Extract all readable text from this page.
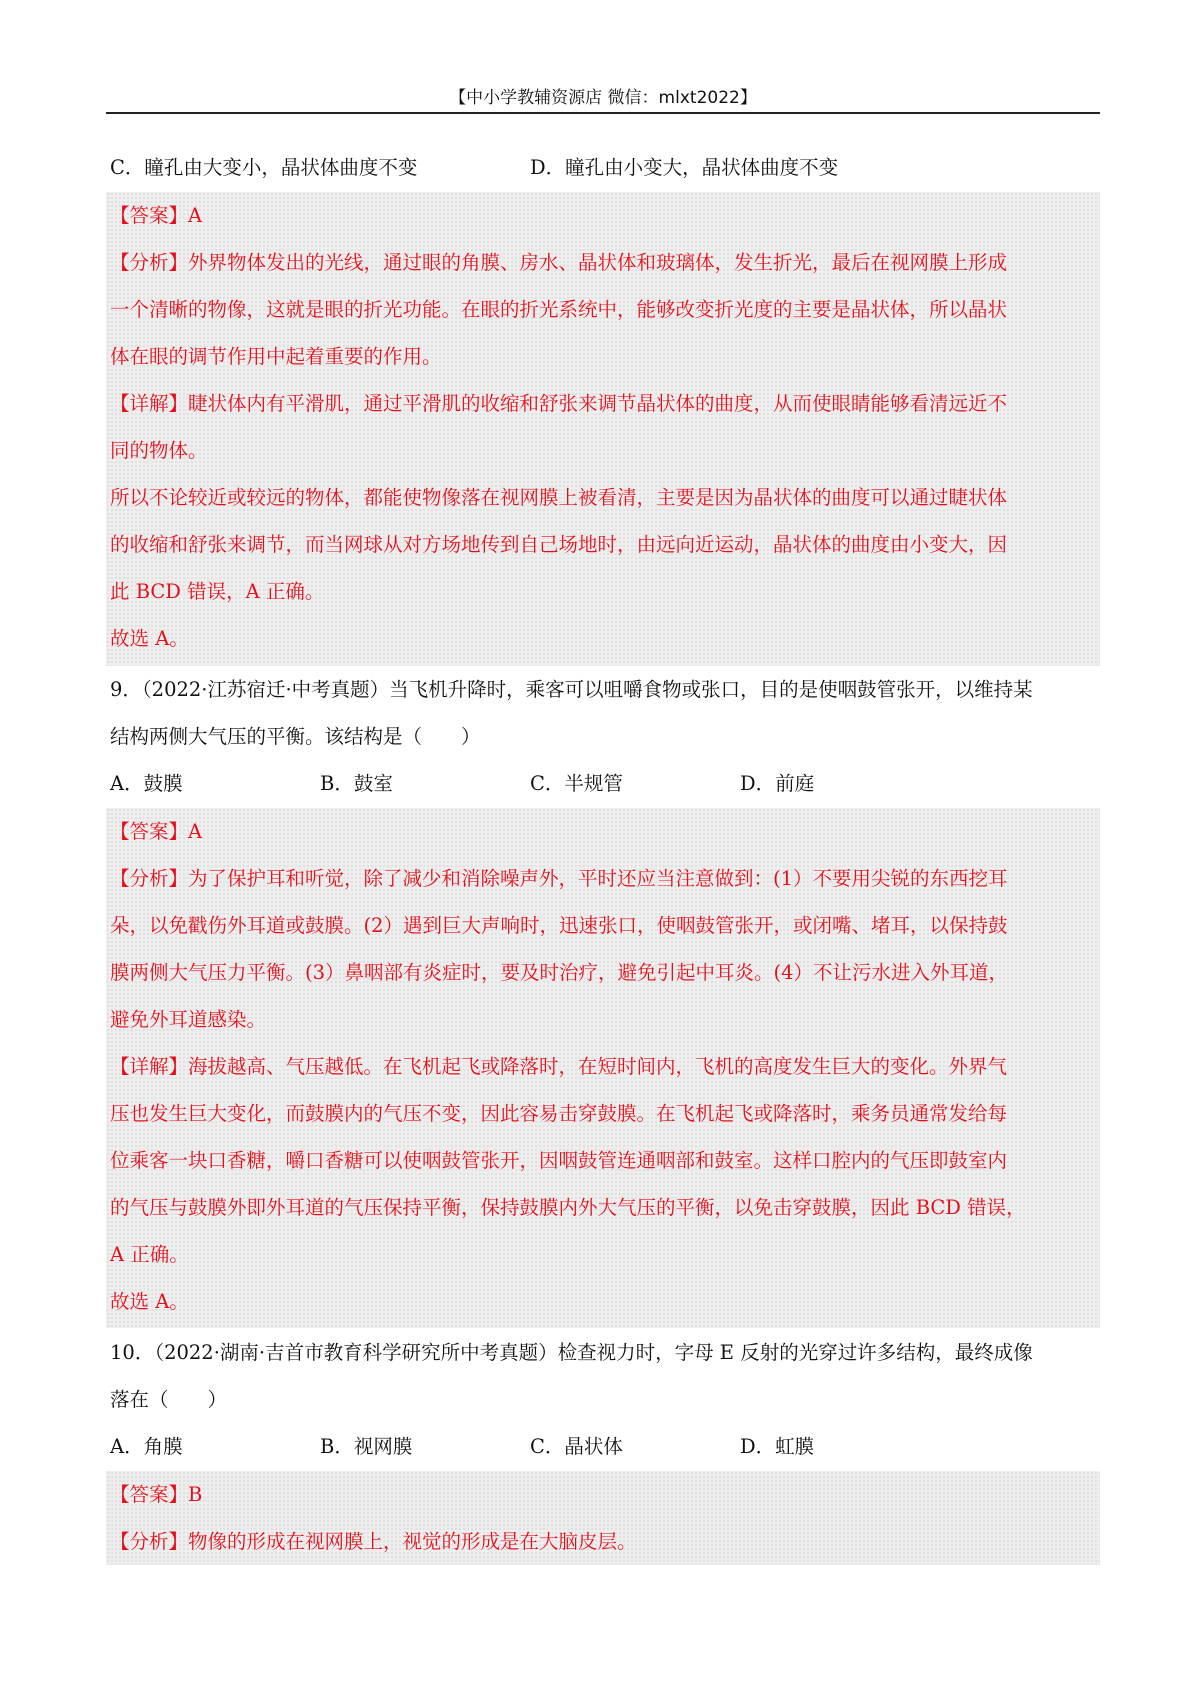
【中小学教辅资源店 微信：mlxt2022】
C．瞳孔由大变小，晶状体曲度不变	D．瞳孔由小变大，晶状体曲度不变
【答案】A
【分析】外界物体发出的光线，通过眼的角膜、房水、晶状体和玻璃体，发生折光，最后在视网膜上形成
一个清晰的物像，这就是眼的折光功能。在眼的折光系统中，能够改变折光度的主要是晶状体，所以晶状
体在眼的调节作用中起着重要的作用。
【详解】睫状体内有平滑肌，通过平滑肌的收缩和舒张来调节晶状体的曲度，从而使眼睛能够看清远近不
同的物体。
所以不论较近或较远的物体，都能使物像落在视网膜上被看清，主要是因为晶状体的曲度可以通过睫状体
的收缩和舒张来调节，而当网球从对方场地传到自己场地时，由远向近运动，晶状体的曲度由小变大，因
此 BCD 错误，A 正确。
故选 A。
9．（2022·江苏宿迁·中考真题）当飞机升降时，乘客可以咀嚼食物或张口，目的是使咽鼓管张开，以维持某
结构两侧大气压的平衡。该结构是（　　）
A．鼓膜	B．鼓室	C．半规管	D．前庭
【答案】A
【分析】为了保护耳和听觉，除了减少和消除噪声外，平时还应当注意做到：(1）不要用尖锐的东西挖耳
朵，以免戳伤外耳道或鼓膜。(2）遇到巨大声响时，迅速张口，使咽鼓管张开，或闭嘴、堵耳，以保持鼓
膜两侧大气压力平衡。(3）鼻咽部有炎症时，要及时治疗，避免引起中耳炎。(4）不让污水进入外耳道，
避免外耳道感染。
【详解】海拔越高、气压越低。在飞机起飞或降落时，在短时间内，飞机的高度发生巨大的变化。外界气
压也发生巨大变化，而鼓膜内的气压不变，因此容易击穿鼓膜。在飞机起飞或降落时，乘务员通常发给每
位乘客一块口香糖，嚼口香糖可以使咽鼓管张开，因咽鼓管连通咽部和鼓室。这样口腔内的气压即鼓室内
的气压与鼓膜外即外耳道的气压保持平衡，保持鼓膜内外大气压的平衡，以免击穿鼓膜，因此 BCD 错误，
A 正确。
故选 A。
10．（2022·湖南·吉首市教育科学研究所中考真题）检查视力时，字母 E 反射的光穿过许多结构，最终成像
落在（　　）
A．角膜	B．视网膜	C．晶状体	D．虹膜
【答案】B
【分析】物像的形成在视网膜上，视觉的形成是在大脑皮层。
